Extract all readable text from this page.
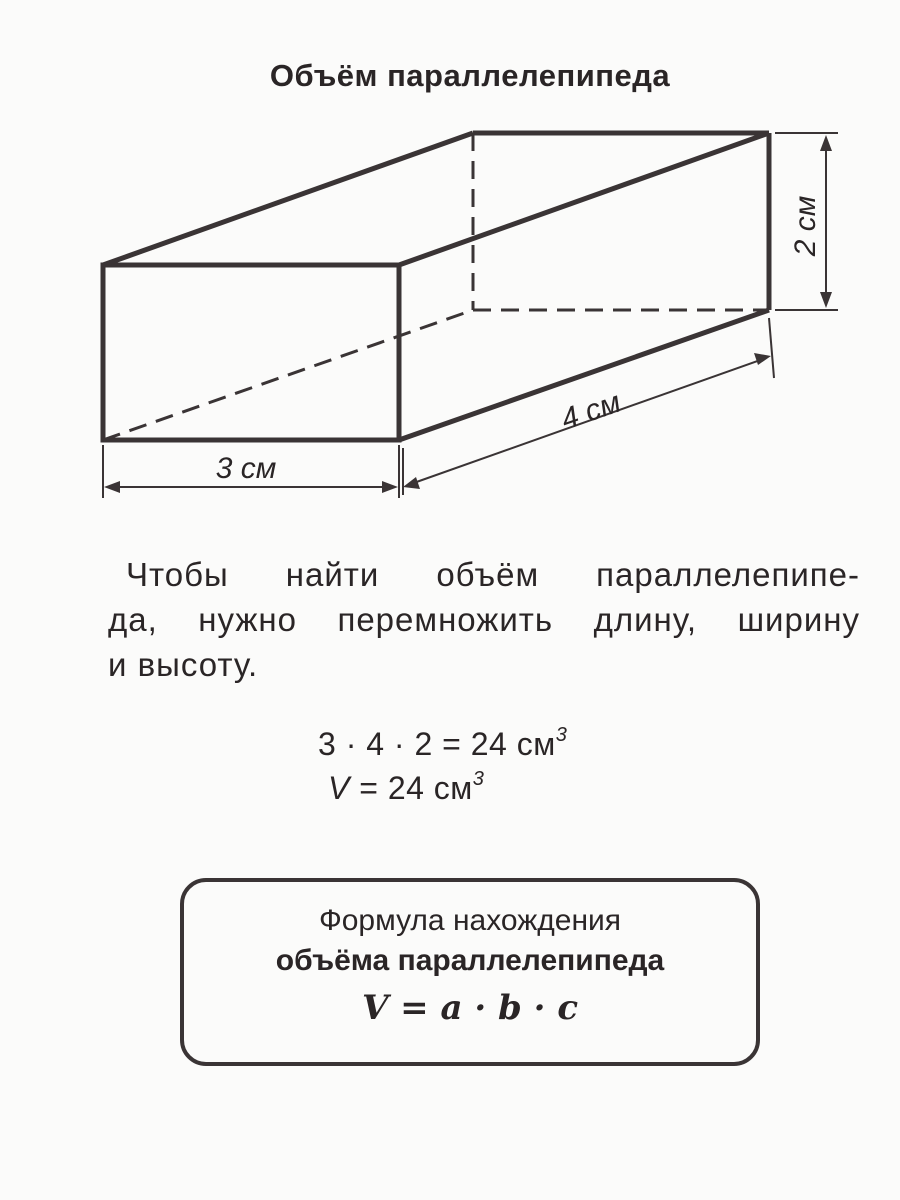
Объём параллелепипеда
3 см
4 см
2 см
Чтобы найти объём параллелепипе-
да, нужно перемножить длину, ширину
и высоту.
3 · 4 · 2 = 24 $см^3$
V = 24 $см^3$
Формула нахождения
объёма параллелепипеда
V = a · b · c
